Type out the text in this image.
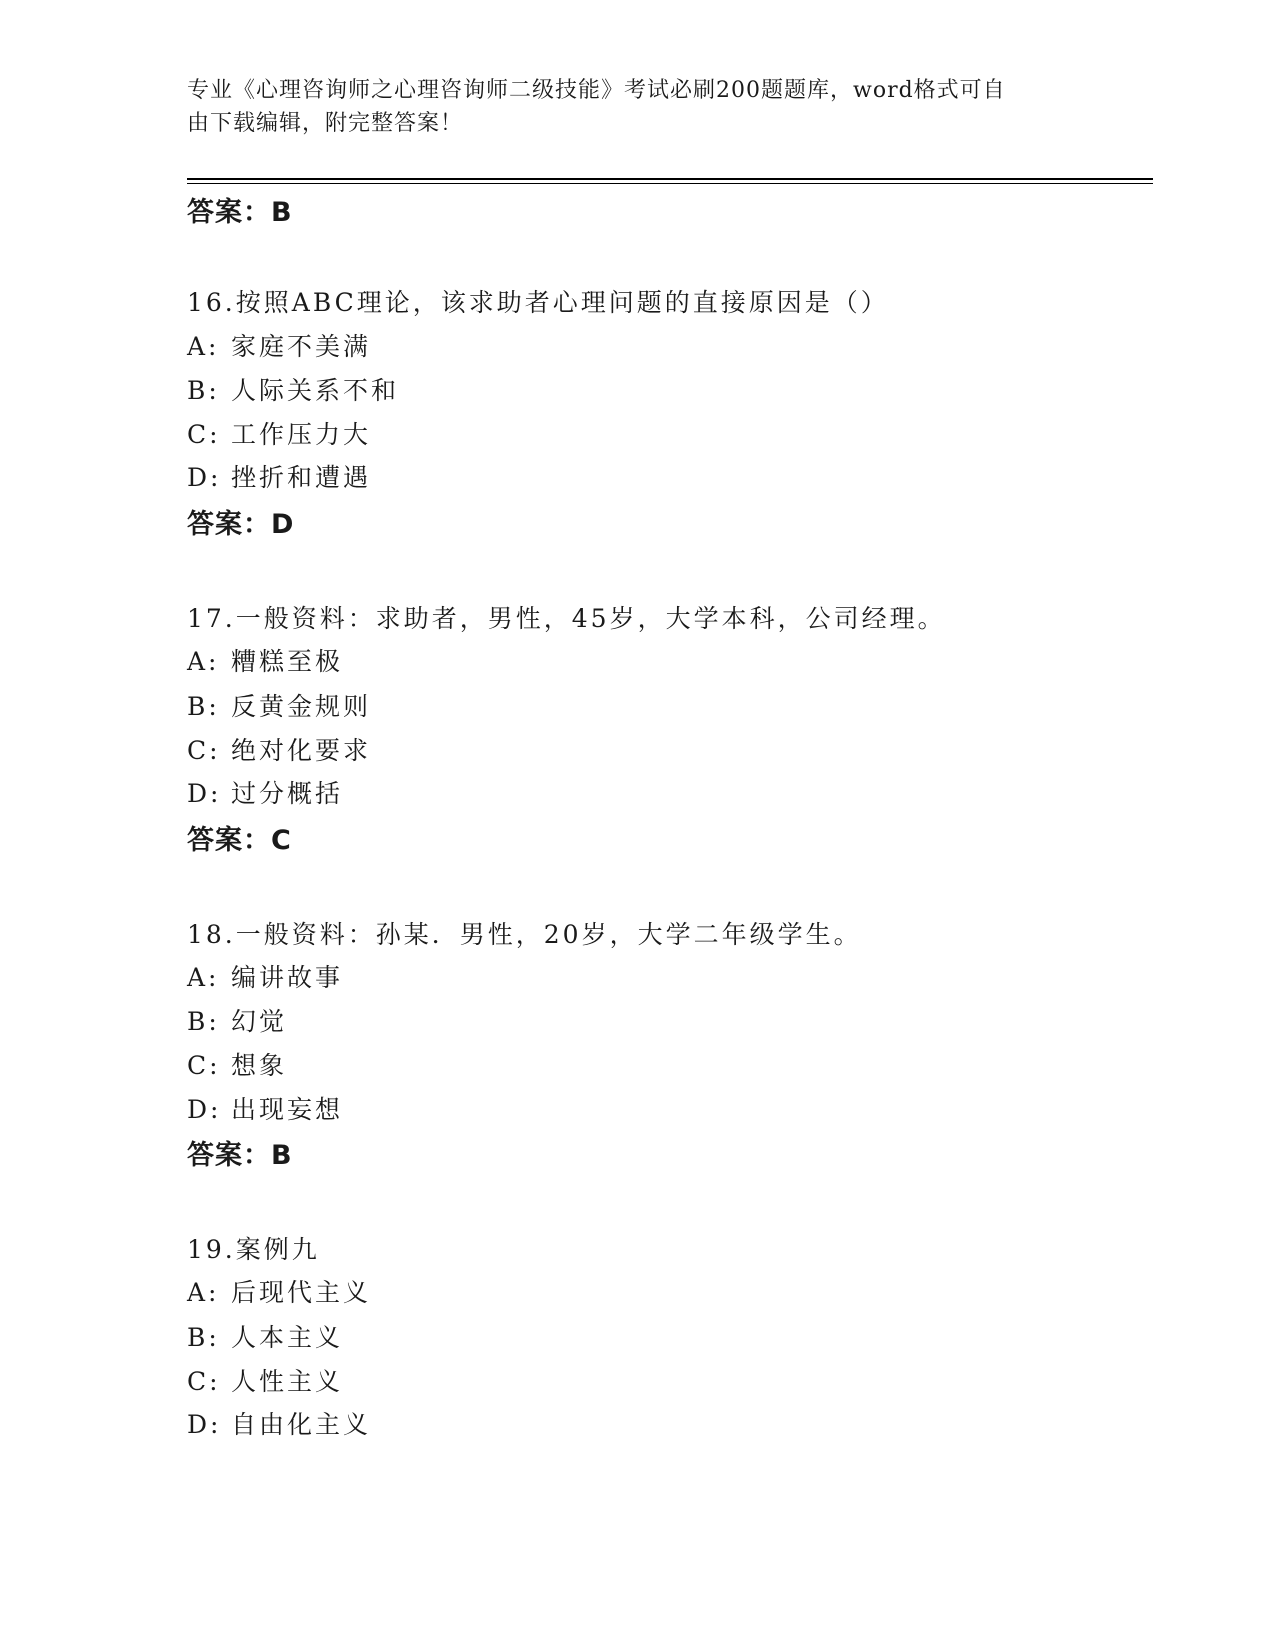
专业《心理咨询师之心理咨询师二级技能》考试必刷200题题库，word格式可自
由下载编辑，附完整答案！
答案：B
16.按照ABC理论，该求助者心理问题的直接原因是（）
A: 家庭不美满
B: 人际关系不和
C: 工作压力大
D: 挫折和遭遇
答案：D
17.一般资料：求助者，男性，45岁，大学本科，公司经理。
A: 糟糕至极
B: 反黄金规则
C: 绝对化要求
D: 过分概括
答案：C
18.一般资料：孙某．男性，20岁，大学二年级学生。
A: 编讲故事
B: 幻觉
C: 想象
D: 出现妄想
答案：B
19.案例九
A: 后现代主义
B: 人本主义
C: 人性主义
D: 自由化主义
